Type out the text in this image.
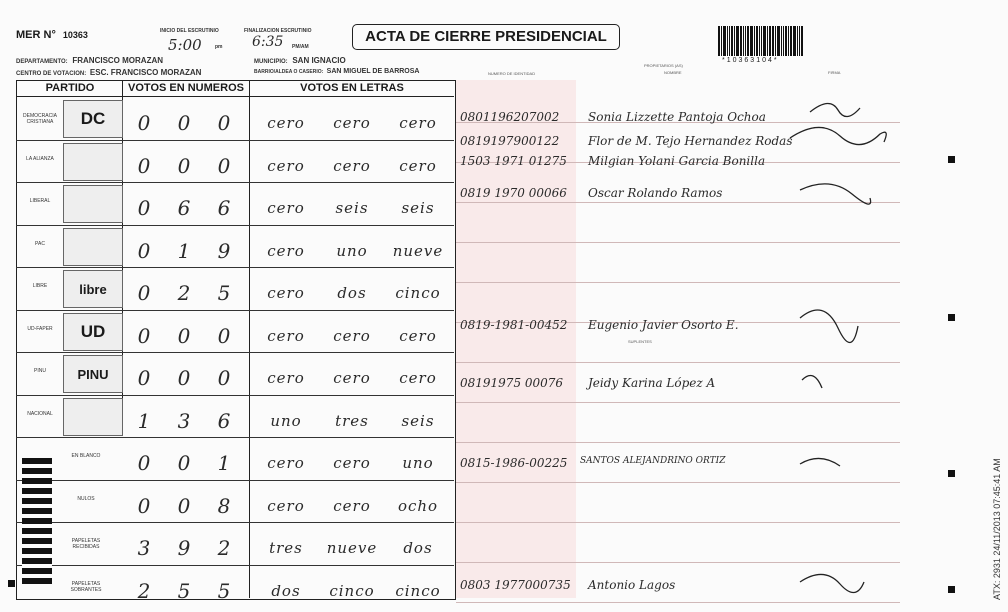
MER N° 10363	INICIO DEL ESCRUTINIO
5:00	pm
FINALIZACION ESCRUTINIO
6:35 PM/AM
ACTA DE CIERRE PRESIDENCIAL
*10363104*
DEPARTAMENTO: FRANCISCO MORAZAN	MUNICIPIO: SAN IGNACIO
CENTRO DE VOTACION: ESC. FRANCISCO MORAZAN	BARRIO/ALDEA O CASERIO: SAN MIGUEL DE BARROSA	NUMERO DE IDENTIDAD
PROPIETARIOS (AS)
NOMBRE	FIRMA
PARTIDO	VOTOS EN NUMEROS	VOTOS EN LETRAS
DEMOCRACIA CRISTIANA	DC	0	0	0	cero	cero	cero
LA ALIANZA	0	0	0	cero	cero	cero
LIBERAL	0	6	6	cero	seis	seis
PAC	0	1	9	cero	uno	nueve
LIBRE	libre	0	2	5	cero	dos	cinco
UD-FAPER	UD	0	0	0	cero	cero	cero
PINU	PINU	0	0	0	cero	cero	cero
NACIONAL	1	3	6	uno	tres	seis
EN BLANCO	0	0	1	cero	cero	uno
NULOS	0	0	8	cero	cero	ocho
PAPELETAS RECIBIDAS	3	9	2	tres	nueve	dos
PAPELETAS SOBRANTES	2	5	5	dos	cinco	cinco
0801196207002 Sonia Lizzette Pantoja Ochoa
0819197900122 Flor de M. Tejo Hernandez Rodas
1503 1971 01275 Milgian Yolani Garcia Bonilla
0819 1970 00066 Oscar Rolando Ramos
0819-1981-00452 Eugenio Javier Osorto E.
08191975 00076 Jeidy Karina López A
0815-1986-00225 SANTOS ALEJANDRINO ORTIZ
0803 1977000735 Antonio Lagos
SUPLENTES
ATX: 2931 24/11/2013 07:45:41 AM
